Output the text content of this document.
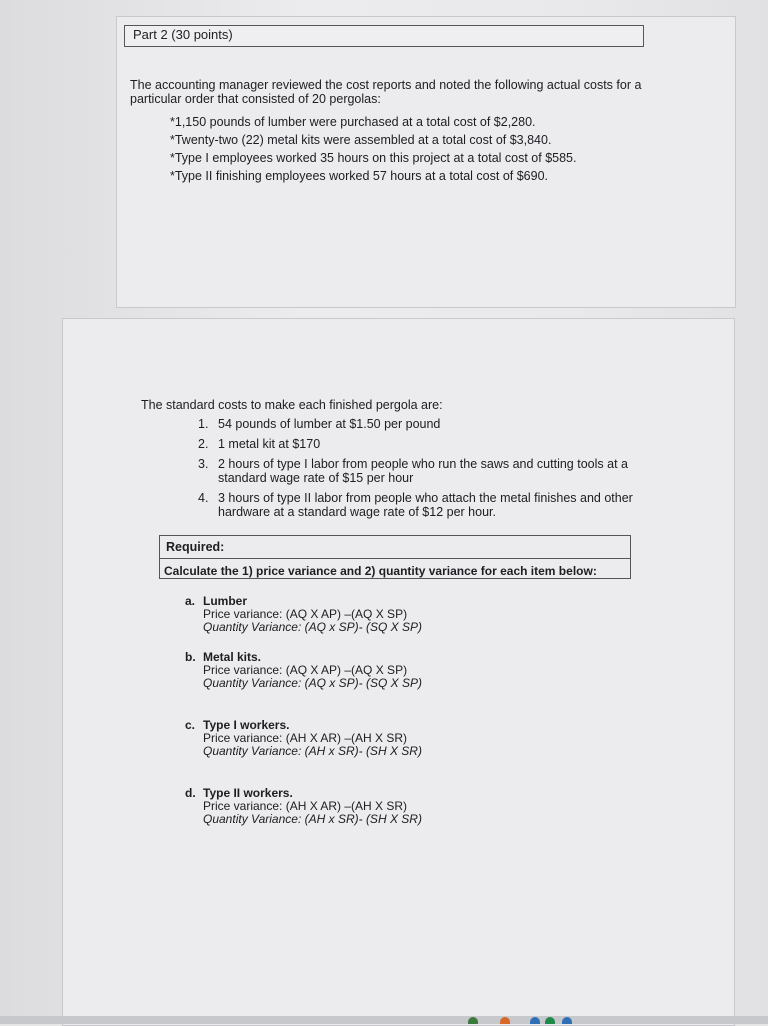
Part 2 (30 points)
The accounting manager reviewed the cost reports and noted the following actual costs for a particular order that consisted of 20 pergolas:
*1,150 pounds of lumber were purchased at a total cost of $2,280.
*Twenty-two (22) metal kits were assembled at a total cost of $3,840.
*Type I employees worked 35 hours on this project at a total cost of $585.
*Type II finishing employees worked 57 hours at a total cost of $690.
The standard costs to make each finished pergola are:
1. 54 pounds of lumber at $1.50 per pound
2. 1 metal kit at $170
3. 2 hours of type I labor from people who run the saws and cutting tools at a standard wage rate of $15 per hour
4. 3 hours of type II labor from people who attach the metal finishes and other hardware at a standard wage rate of $12 per hour.
Required:
Calculate the 1) price variance and 2) quantity variance for each item below:
a. Lumber
Price variance: (AQ X AP) –(AQ X SP)
Quantity Variance: (AQ x SP)- (SQ X SP)
b. Metal kits.
Price variance: (AQ X AP) –(AQ X SP)
Quantity Variance: (AQ x SP)- (SQ X SP)
c. Type I workers.
Price variance: (AH X AR) –(AH X SR)
Quantity Variance: (AH x SR)- (SH X SR)
d. Type II workers.
Price variance: (AH X AR) –(AH X SR)
Quantity Variance: (AH x SR)- (SH X SR)
